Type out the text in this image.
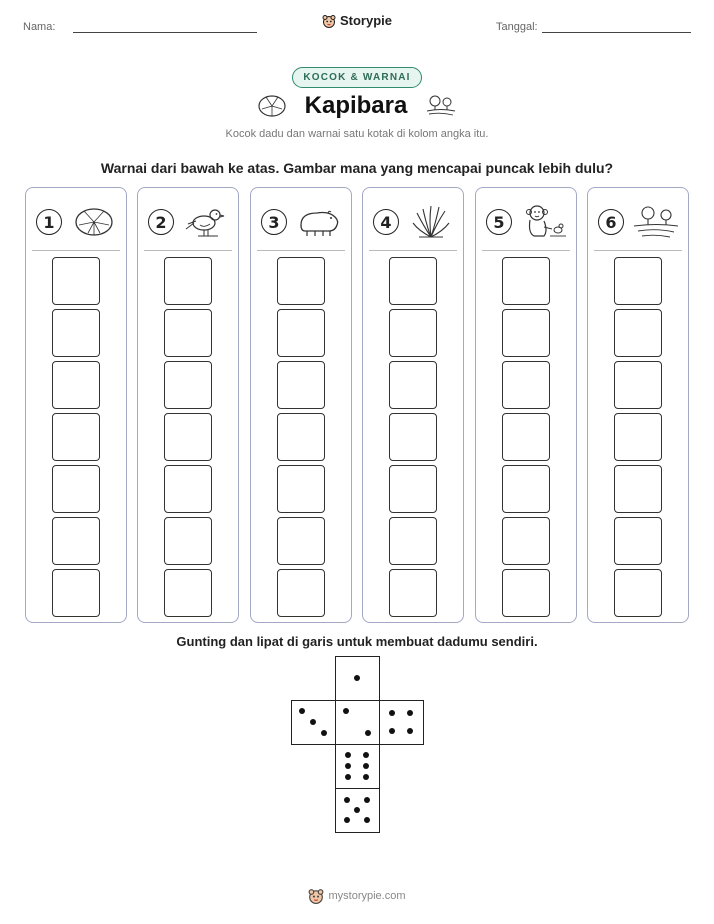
Nama:	Storypie	Tanggal:
KOCOK & WARNAI
Kapibara
Kocok dadu dan warnai satu kotak di kolom angka itu.
Warnai dari bawah ke atas. Gambar mana yang mencapai puncak lebih dulu?
1	2	3	4	5	6
Gunting dan lipat di garis untuk membuat dadumu sendiri.
mystorypie.com
